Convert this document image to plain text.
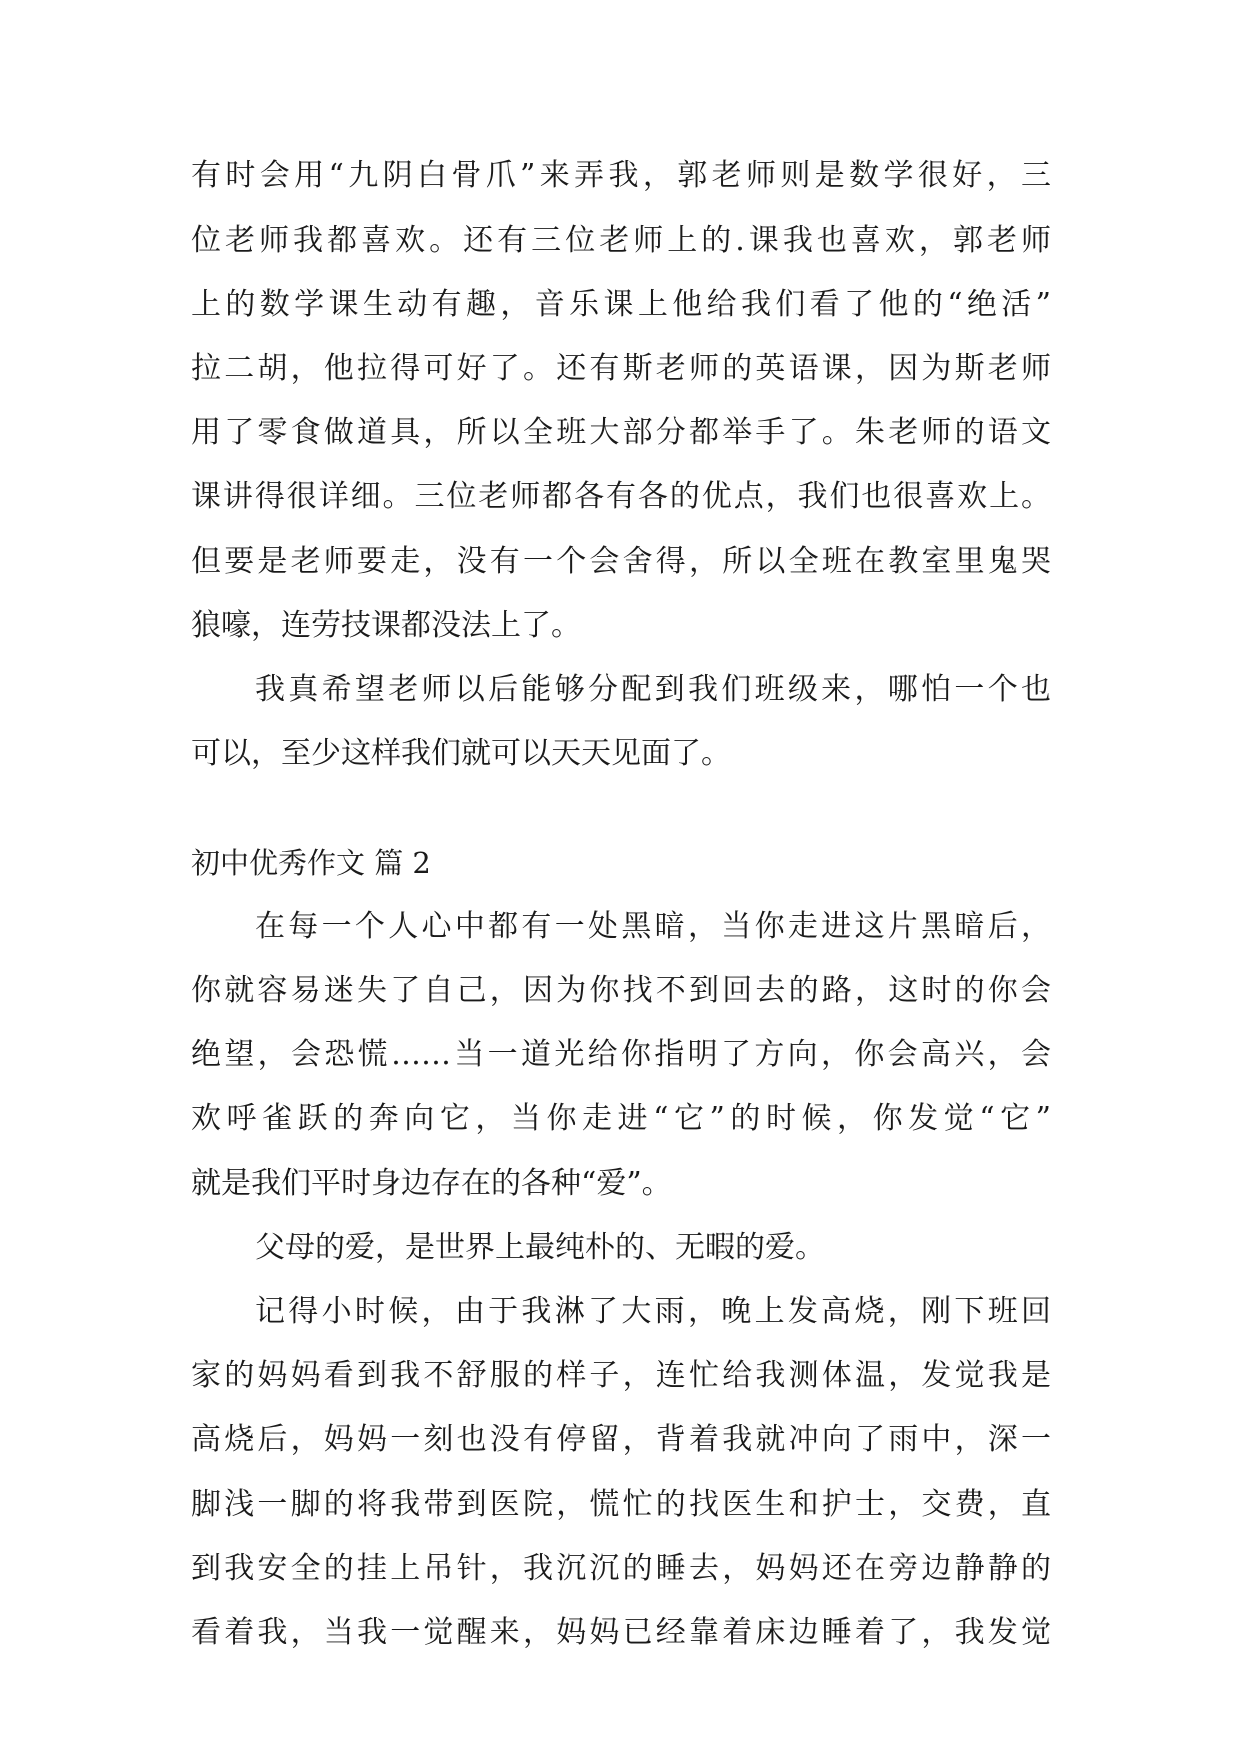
有时会用“九阴白骨爪”来弄我，郭老师则是数学很好，三
位老师我都喜欢。还有三位老师上的.课我也喜欢，郭老师
上的数学课生动有趣，音乐课上他给我们看了他的“绝活”
拉二胡，他拉得可好了。还有斯老师的英语课，因为斯老师
用了零食做道具，所以全班大部分都举手了。朱老师的语文
课讲得很详细。三位老师都各有各的优点，我们也很喜欢上。
但要是老师要走，没有一个会舍得，所以全班在教室里鬼哭
狼嚎，连劳技课都没法上了。
我真希望老师以后能够分配到我们班级来，哪怕一个也
可以，至少这样我们就可以天天见面了。
初中优秀作文 篇 2
在每一个人心中都有一处黑暗，当你走进这片黑暗后，
你就容易迷失了自己，因为你找不到回去的路，这时的你会
绝望，会恐慌……当一道光给你指明了方向，你会高兴，会
欢呼雀跃的奔向它，当你走进“它”的时候，你发觉“它”
就是我们平时身边存在的各种“爱”。
父母的爱，是世界上最纯朴的、无暇的爱。
记得小时候，由于我淋了大雨，晚上发高烧，刚下班回
家的妈妈看到我不舒服的样子，连忙给我测体温，发觉我是
高烧后，妈妈一刻也没有停留，背着我就冲向了雨中，深一
脚浅一脚的将我带到医院，慌忙的找医生和护士，交费，直
到我安全的挂上吊针，我沉沉的睡去，妈妈还在旁边静静的
看着我，当我一觉醒来，妈妈已经靠着床边睡着了，我发觉
